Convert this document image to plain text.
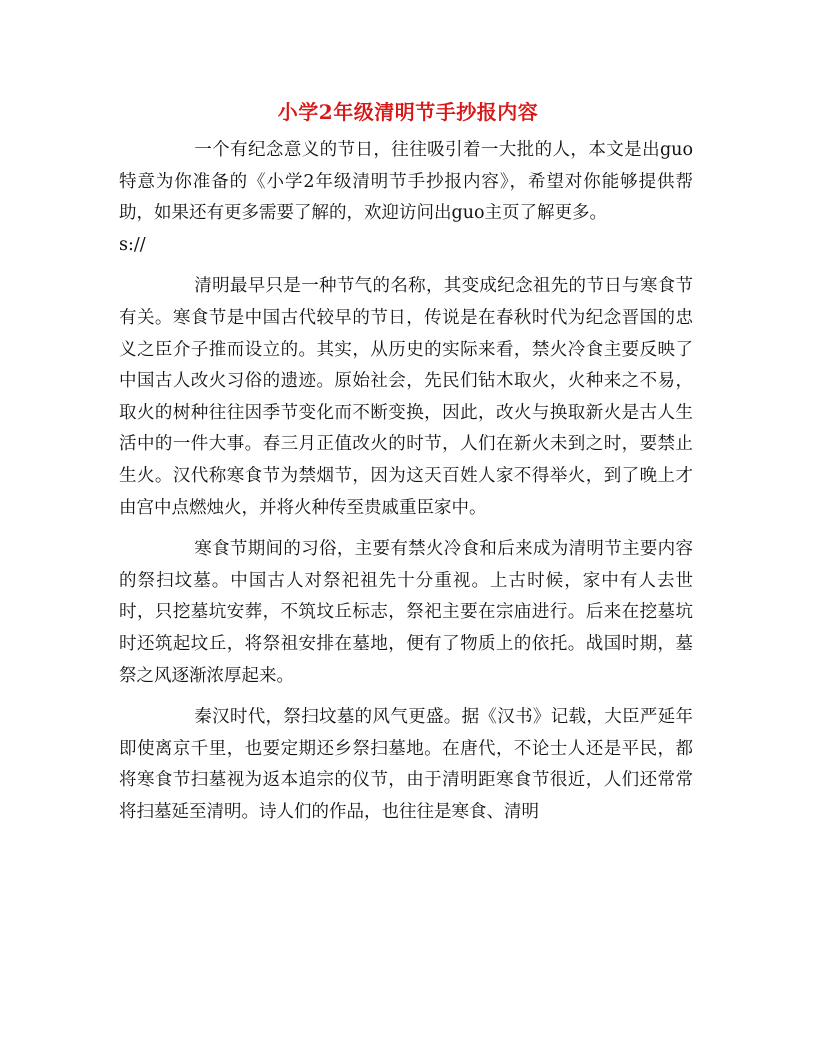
小学2年级清明节手抄报内容

一个有纪念意义的节日，往往吸引着一大批的人，本文是出guo特意为你准备的《小学2年级清明节手抄报内容》，希望对你能够提供帮助，如果还有更多需要了解的，欢迎访问出guo主页了解更多。

s://

清明最早只是一种节气的名称，其变成纪念祖先的节日与寒食节有关。寒食节是中国古代较早的节日，传说是在春秋时代为纪念晋国的忠义之臣介子推而设立的。其实，从历史的实际来看，禁火冷食主要反映了中国古人改火习俗的遗迹。原始社会，先民们钻木取火，火种来之不易，取火的树种往往因季节变化而不断变换，因此，改火与换取新火是古人生活中的一件大事。春三月正值改火的时节，人们在新火未到之时，要禁止生火。汉代称寒食节为禁烟节，因为这天百姓人家不得举火，到了晚上才由宫中点燃烛火，并将火种传至贵戚重臣家中。

寒食节期间的习俗，主要有禁火冷食和后来成为清明节主要内容的祭扫坟墓。中国古人对祭祀祖先十分重视。上古时候，家中有人去世时，只挖墓坑安葬，不筑坟丘标志，祭祀主要在宗庙进行。后来在挖墓坑时还筑起坟丘，将祭祖安排在墓地，便有了物质上的依托。战国时期，墓祭之风逐渐浓厚起来。

秦汉时代，祭扫坟墓的风气更盛。据《汉书》记载，大臣严延年即使离京千里，也要定期还乡祭扫墓地。在唐代，不论士人还是平民，都将寒食节扫墓视为返本追宗的仪节，由于清明距寒食节很近，人们还常常将扫墓延至清明。诗人们的作品，也往往是寒食、清明
